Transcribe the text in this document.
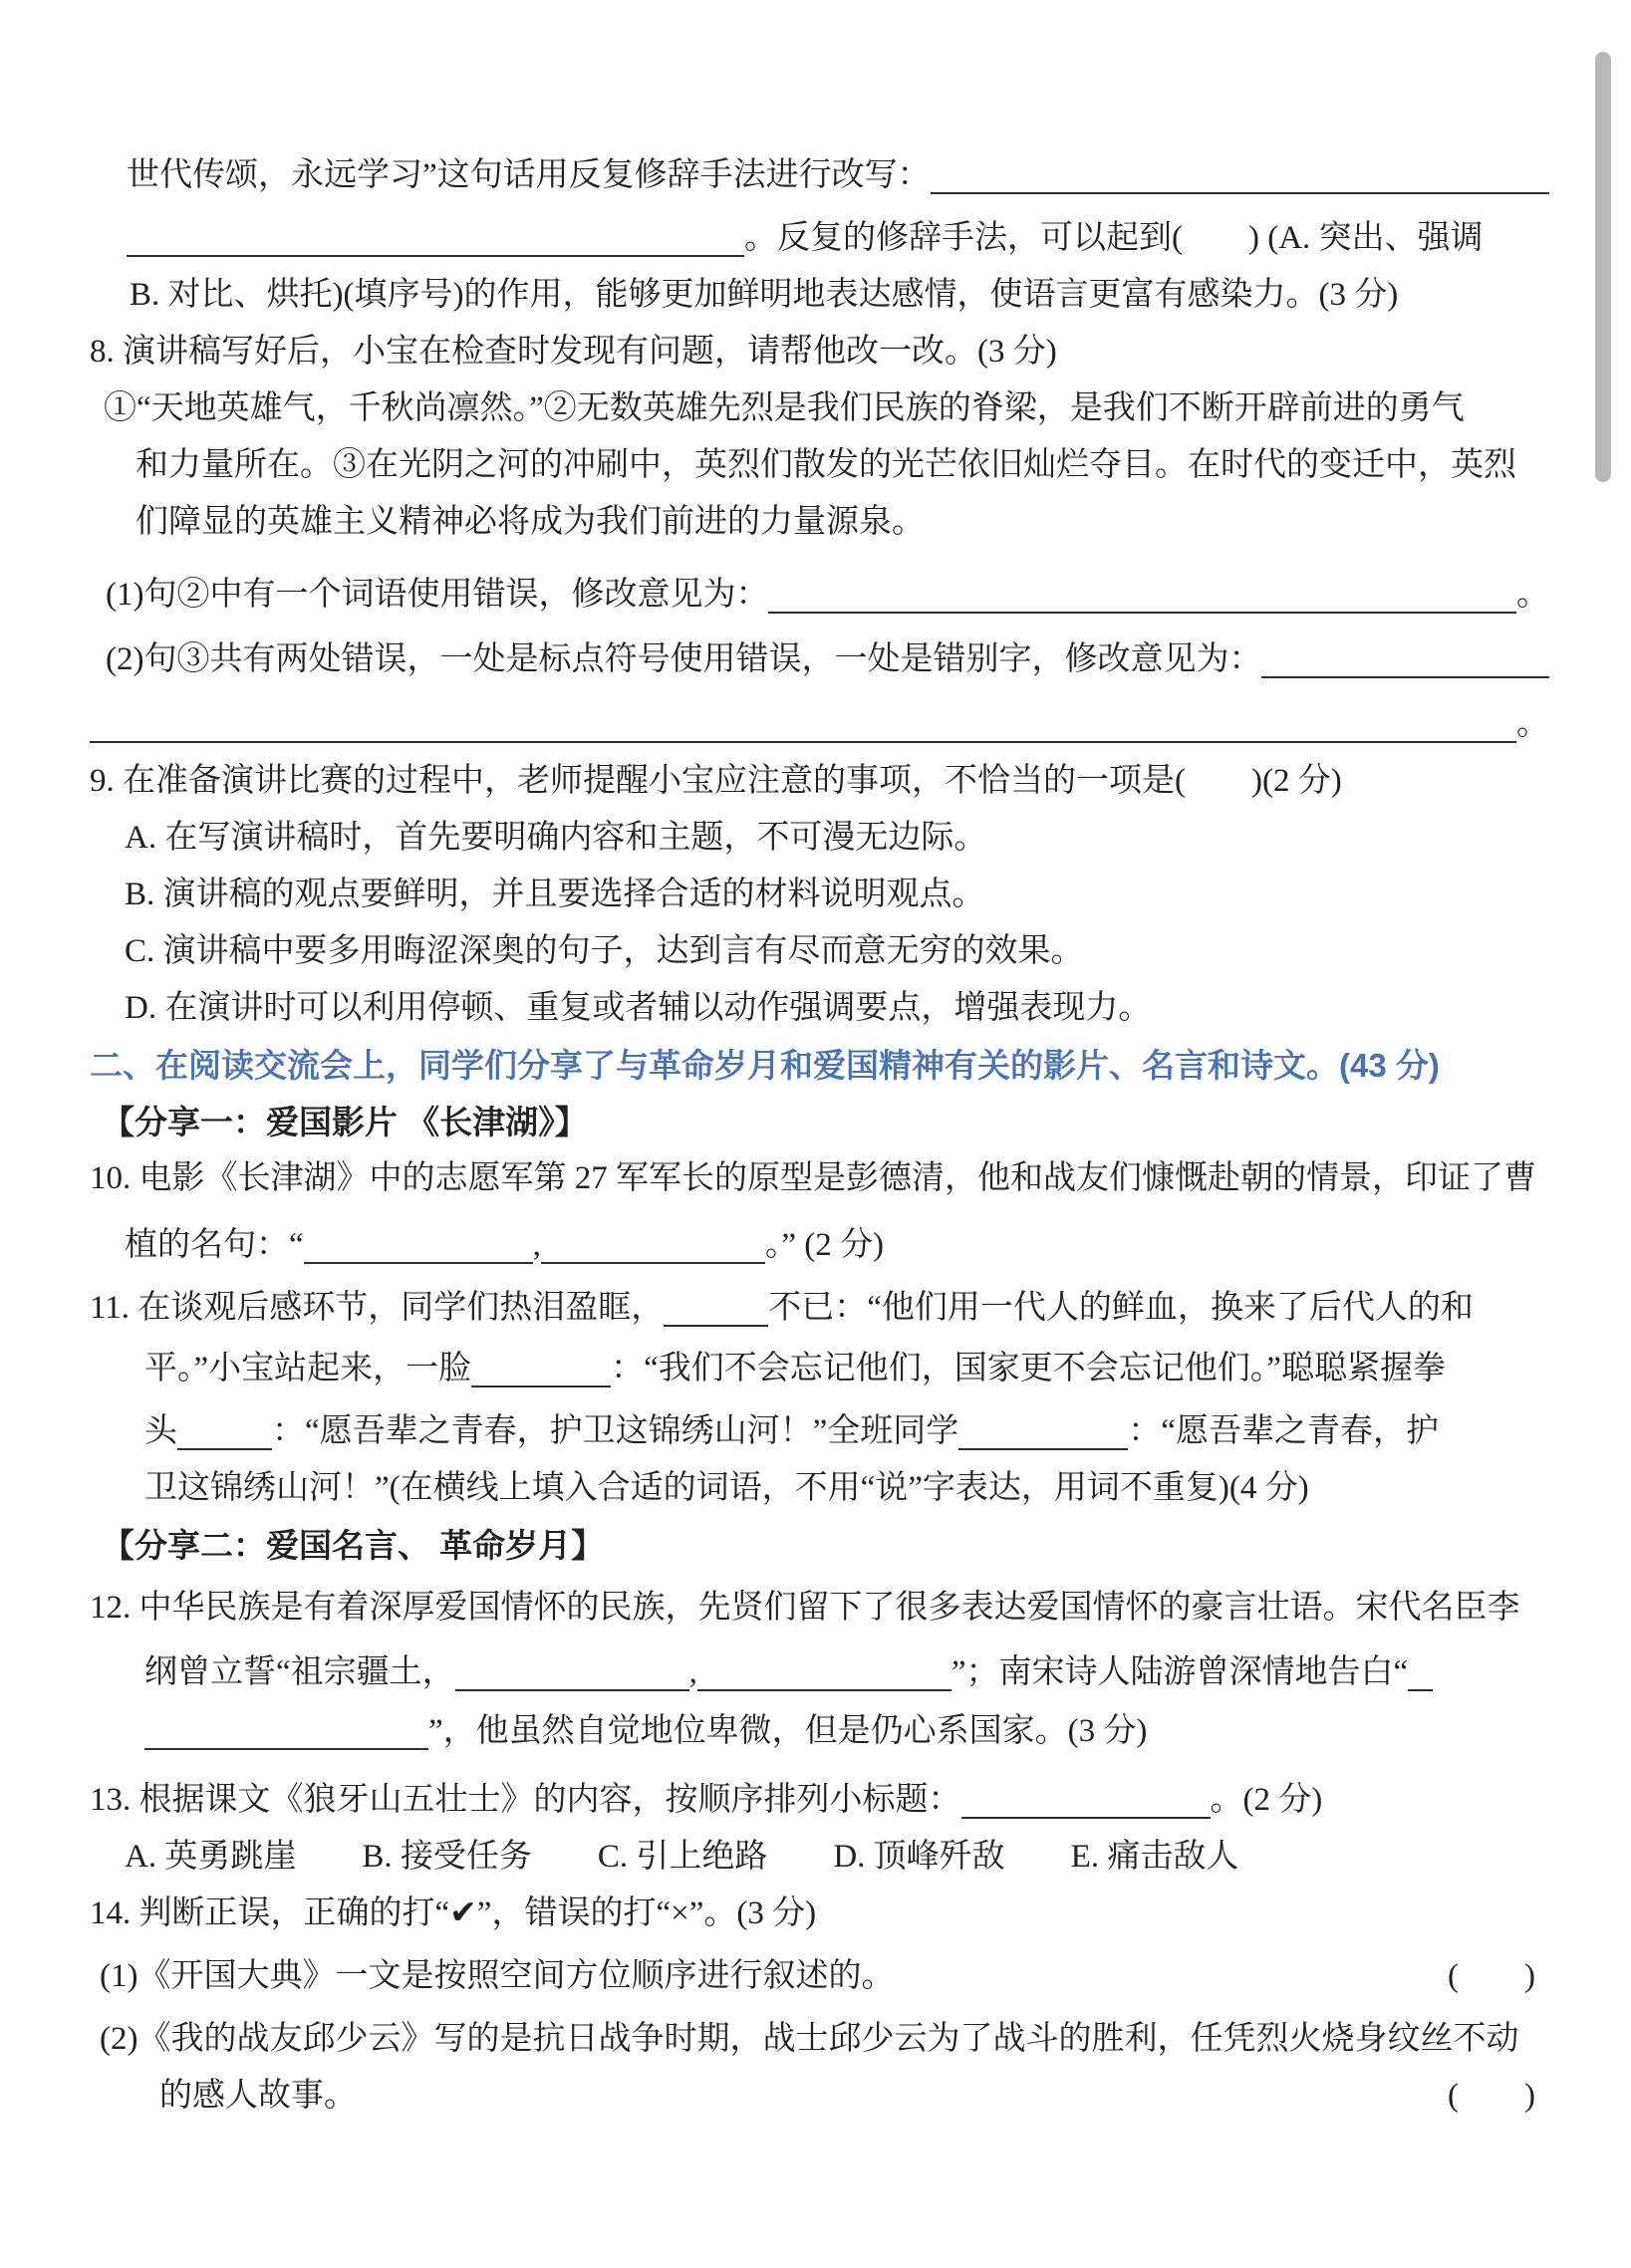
世代传颂，永远学习”这句话用反复修辞手法进行改写：
。反复的修辞手法，可以起到(　　) (A. 突出、强调
B. 对比、烘托)(填序号)的作用，能够更加鲜明地表达感情，使语言更富有感染力。(3 分)
8. 演讲稿写好后，小宝在检查时发现有问题，请帮他改一改。(3 分)
①“天地英雄气，千秋尚凛然。”②无数英雄先烈是我们民族的脊梁，是我们不断开辟前进的勇气
和力量所在。③在光阴之河的冲刷中，英烈们散发的光芒依旧灿烂夺目。在时代的变迁中，英烈
们障显的英雄主义精神必将成为我们前进的力量源泉。
(1)句②中有一个词语使用错误，修改意见为：	。
(2)句③共有两处错误，一处是标点符号使用错误，一处是错别字，修改意见为：
。
9. 在准备演讲比赛的过程中，老师提醒小宝应注意的事项，不恰当的一项是(　　)(2 分)
A. 在写演讲稿时，首先要明确内容和主题，不可漫无边际。
B. 演讲稿的观点要鲜明，并且要选择合适的材料说明观点。
C. 演讲稿中要多用晦涩深奥的句子，达到言有尽而意无穷的效果。
D. 在演讲时可以利用停顿、重复或者辅以动作强调要点，增强表现力。
二、在阅读交流会上，同学们分享了与革命岁月和爱国精神有关的影片、名言和诗文。(43 分)
【分享一：爱国影片 《长津湖》】
10. 电影《长津湖》中的志愿军第 27 军军长的原型是彭德清，他和战友们慷慨赴朝的情景，印证了曹
植的名句：“	,	。” (2 分)
11. 在谈观后感环节，同学们热泪盈眶，	不已：“他们用一代人的鲜血，换来了后代人的和
平。”小宝站起来，一脸	：“我们不会忘记他们，国家更不会忘记他们。”聪聪紧握拳
头	：“愿吾辈之青春，护卫这锦绣山河！”全班同学	：“愿吾辈之青春，护
卫这锦绣山河！”(在横线上填入合适的词语，不用“说”字表达，用词不重复)(4 分)
【分享二：爱国名言、 革命岁月】
12. 中华民族是有着深厚爱国情怀的民族，先贤们留下了很多表达爱国情怀的豪言壮语。宋代名臣李
纲曾立誓“祖宗疆土，	,	”；南宋诗人陆游曾深情地告白“
”，他虽然自觉地位卑微，但是仍心系国家。(3 分)
13. 根据课文《狼牙山五壮士》的内容，按顺序排列小标题：	。(2 分)
A. 英勇跳崖　　B. 接受任务　　C. 引上绝路　　D. 顶峰歼敌　　E. 痛击敌人
14. 判断正误，正确的打“✔”，错误的打“×”。(3 分)
(1)《开国大典》一文是按照空间方位顺序进行叙述的。	(　　)
(2)《我的战友邱少云》写的是抗日战争时期，战士邱少云为了战斗的胜利，任凭烈火烧身纹丝不动
的感人故事。	(　　)
